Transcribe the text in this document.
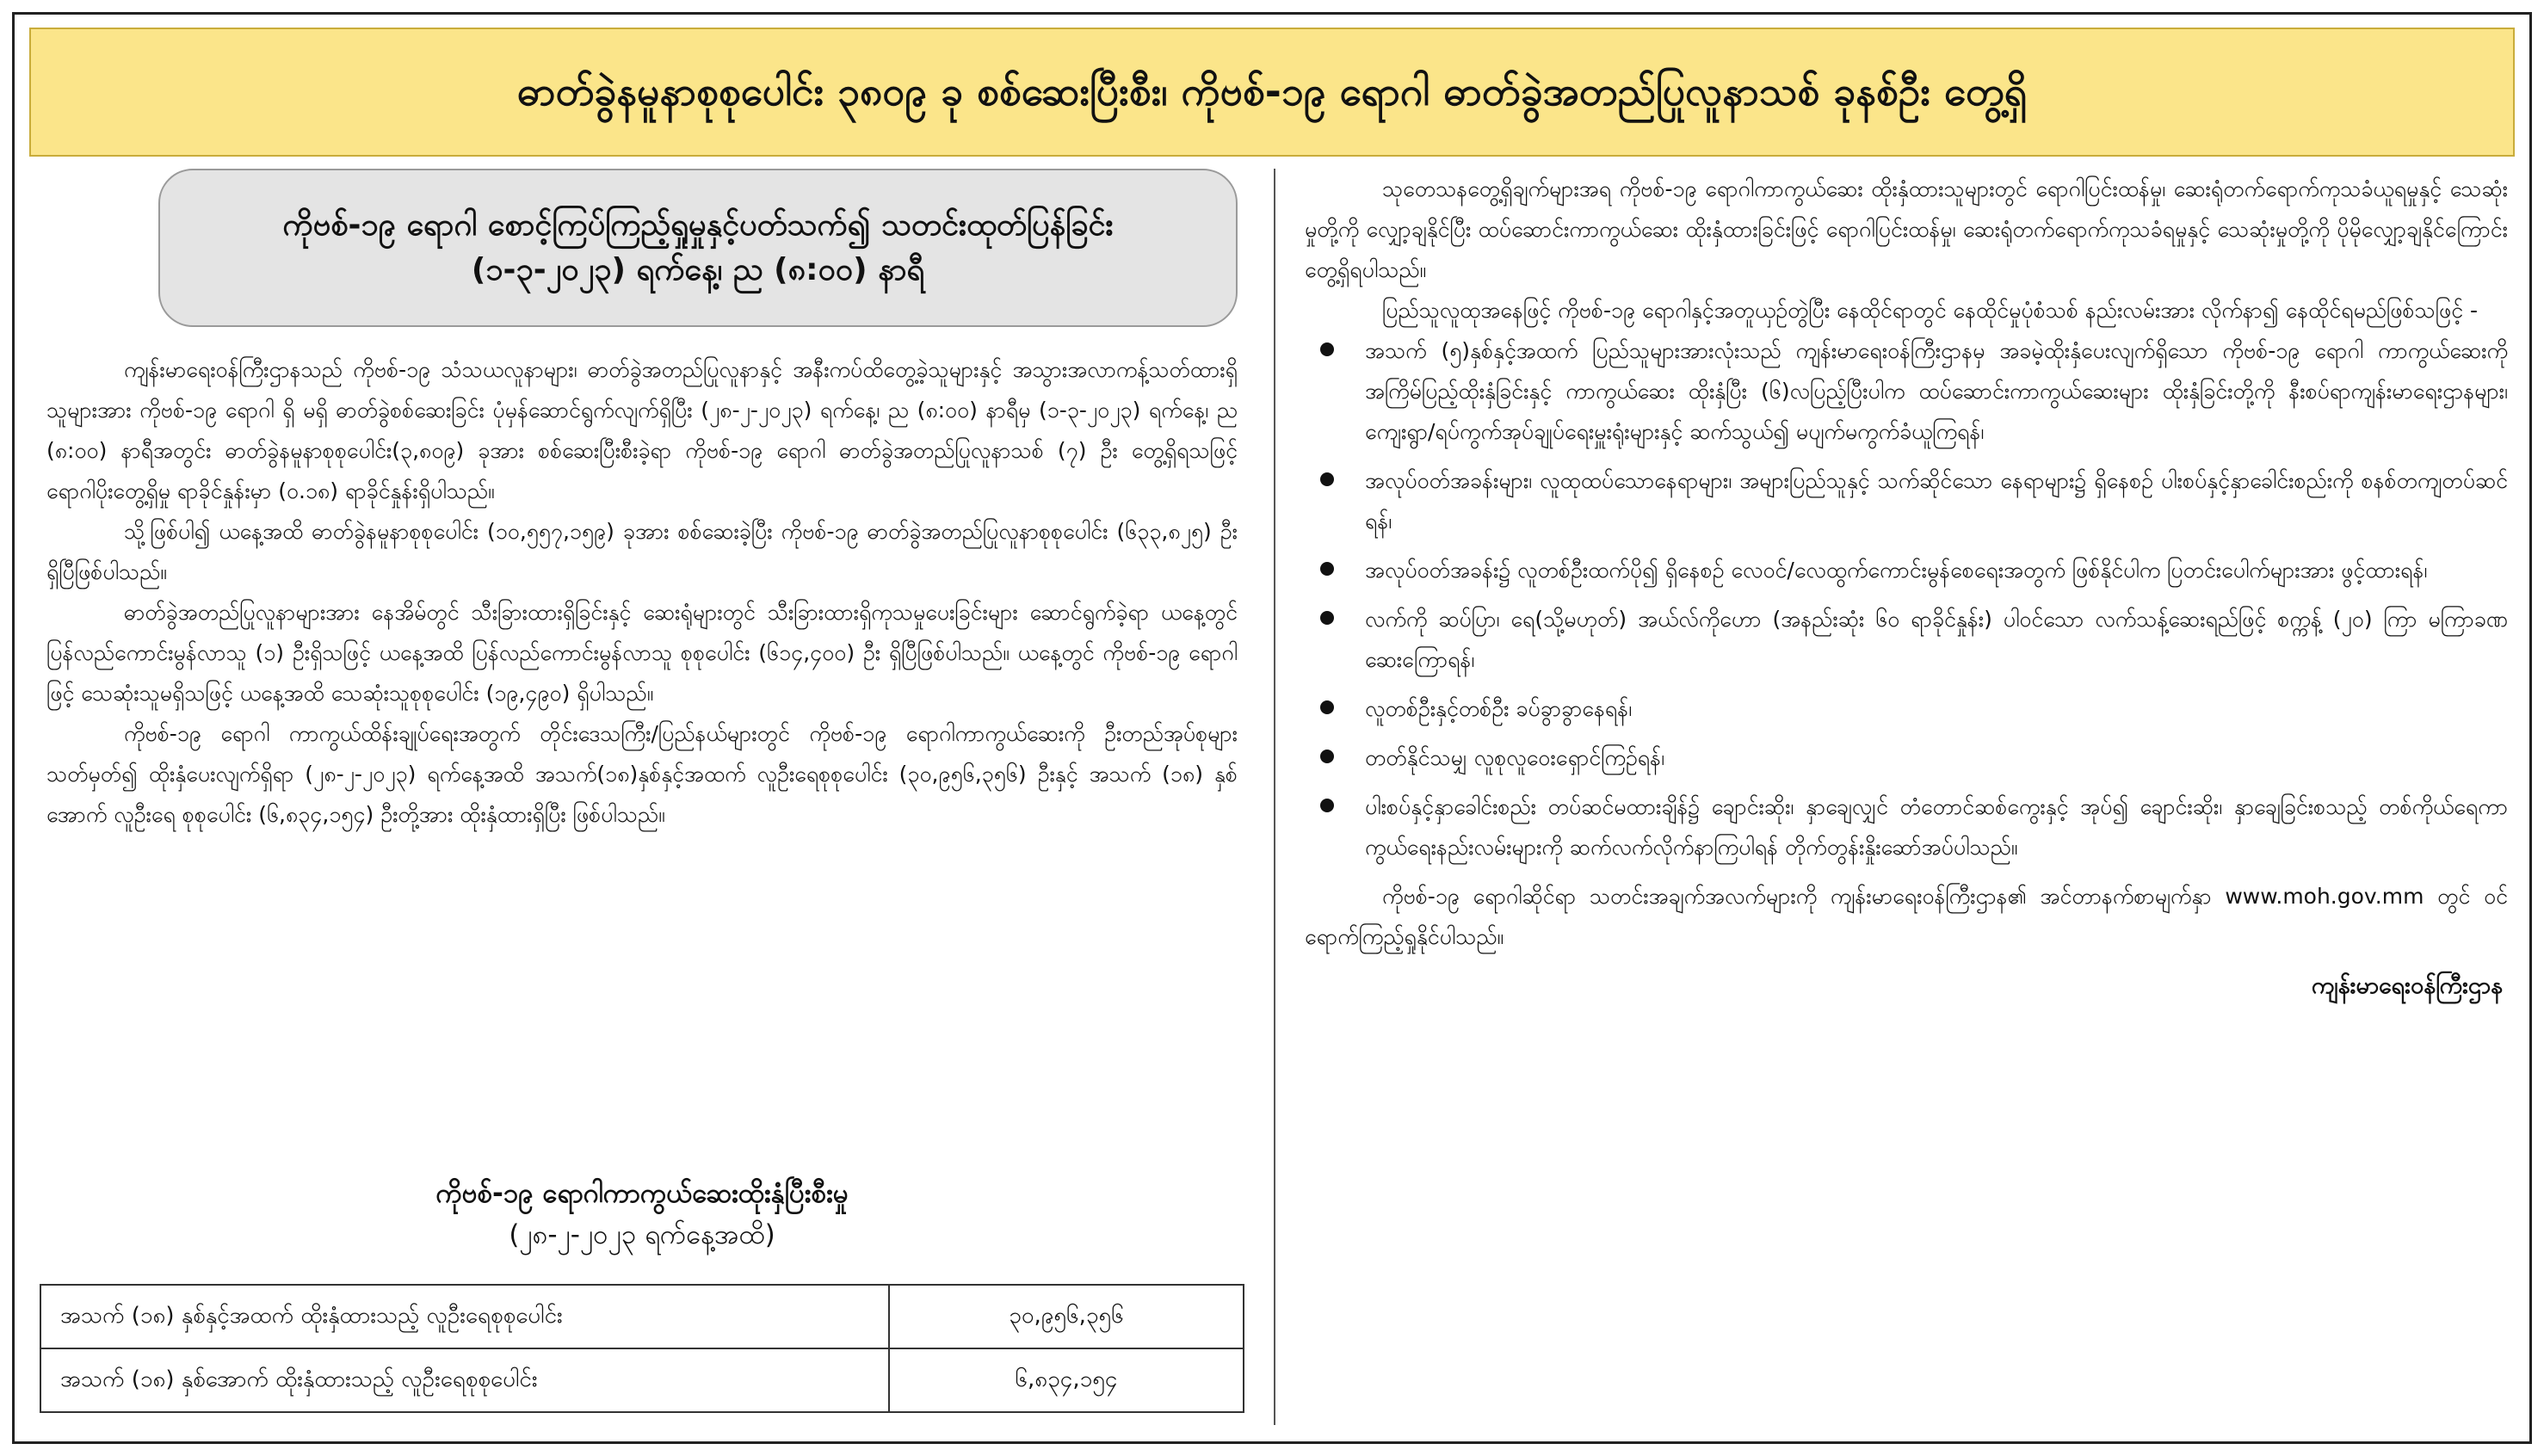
ဓာတ်ခွဲနမူနာစုစုပေါင်း ၃၈၀၉ ခု စစ်ဆေးပြီးစီး၊ ကိုဗစ်-၁၉ ရောဂါ ဓာတ်ခွဲအတည်ပြုလူနာသစ် ခုနစ်ဦး တွေ့ရှိ
ကိုဗစ်-၁၉ ရောဂါ စောင့်ကြပ်ကြည့်ရှုမှုနှင့်ပတ်သက်၍ သတင်းထုတ်ပြန်ခြင်း
(၁-၃-၂၀၂၃) ရက်နေ့၊ ည (၈:၀၀) နာရီ

ကျန်းမာရေးဝန်ကြီးဌာနသည် ကိုဗစ်-၁၉ သံသယလူနာများ၊ ဓာတ်ခွဲအတည်ပြုလူနာနှင့် အနီးကပ်ထိတွေ့ခဲ့သူများနှင့် အသွားအလာကန့်သတ်ထားရှိသူများအား ကိုဗစ်-၁၉ ရောဂါ ရှိ မရှိ ဓာတ်ခွဲစစ်ဆေးခြင်း ပုံမှန်ဆောင်ရွက်လျက်ရှိပြီး (၂၈-၂-၂၀၂၃) ရက်နေ့၊ ည (၈:၀၀) နာရီမှ (၁-၃-၂၀၂၃) ရက်နေ့၊ ည (၈:၀၀) နာရီအတွင်း ဓာတ်ခွဲနမူနာစုစုပေါင်း(၃,၈၀၉) ခုအား စစ်ဆေးပြီးစီးခဲ့ရာ ကိုဗစ်-၁၉ ရောဂါ ဓာတ်ခွဲအတည်ပြုလူနာသစ် (၇) ဦး တွေ့ရှိရသဖြင့် ရောဂါပိုးတွေ့ရှိမှု ရာခိုင်နှုန်းမှာ (၀.၁၈) ရာခိုင်နှုန်းရှိပါသည်။

သို့ဖြစ်ပါ၍ ယနေ့အထိ ဓာတ်ခွဲနမူနာစုစုပေါင်း (၁၀,၅၅၇,၁၅၉) ခုအား စစ်ဆေးခဲ့ပြီး ကိုဗစ်-၁၉ ဓာတ်ခွဲအတည်ပြုလူနာစုစုပေါင်း (၆၃၃,၈၂၅) ဦး ရှိပြီဖြစ်ပါသည်။

ဓာတ်ခွဲအတည်ပြုလူနာများအား နေအိမ်တွင် သီးခြားထားရှိခြင်းနှင့် ဆေးရုံများတွင် သီးခြားထားရှိကုသမှုပေးခြင်းများ ဆောင်ရွက်ခဲ့ရာ ယနေ့တွင် ပြန်လည်ကောင်းမွန်လာသူ (၁) ဦးရှိသဖြင့် ယနေ့အထိ ပြန်လည်ကောင်းမွန်လာသူ စုစုပေါင်း (၆၁၄,၄၀၀) ဦး ရှိပြီဖြစ်ပါသည်။ ယနေ့တွင် ကိုဗစ်-၁၉ ရောဂါဖြင့် သေဆုံးသူမရှိသဖြင့် ယနေ့အထိ သေဆုံးသူစုစုပေါင်း (၁၉,၄၉၀) ရှိပါသည်။

ကိုဗစ်-၁၉ ရောဂါ ကာကွယ်ထိန်းချုပ်ရေးအတွက် တိုင်းဒေသကြီး/ပြည်နယ်များတွင် ကိုဗစ်-၁၉ ရောဂါကာကွယ်ဆေးကို ဦးတည်အုပ်စုများသတ်မှတ်၍ ထိုးနှံပေးလျက်ရှိရာ (၂၈-၂-၂၀၂၃) ရက်နေ့အထိ အသက်(၁၈)နှစ်နှင့်အထက် လူဦးရေစုစုပေါင်း (၃၀,၉၅၆,၃၅၆) ဦးနှင့် အသက် (၁၈) နှစ်အောက် လူဦးရေ စုစုပေါင်း (၆,၈၃၄,၁၅၄) ဦးတို့အား ထိုးနှံထားရှိပြီး ဖြစ်ပါသည်။

ကိုဗစ်-၁၉ ရောဂါကာကွယ်ဆေးထိုးနှံပြီးစီးမှု
(၂၈-၂-၂၀၂၃ ရက်နေ့အထိ)
အသက် (၁၈) နှစ်နှင့်အထက် ထိုးနှံထားသည့် လူဦးရေစုစုပေါင်း	၃၀,၉၅၆,၃၅၆
အသက် (၁၈) နှစ်အောက် ထိုးနှံထားသည့် လူဦးရေစုစုပေါင်း	၆,၈၃၄,၁၅၄

သုတေသနတွေ့ရှိချက်များအရ ကိုဗစ်-၁၉ ရောဂါကာကွယ်ဆေး ထိုးနှံထားသူများတွင် ရောဂါပြင်းထန်မှု၊ ဆေးရုံတက်ရောက်ကုသခံယူရမှုနှင့် သေဆုံးမှုတို့ကို လျှော့ချနိုင်ပြီး ထပ်ဆောင်းကာကွယ်ဆေး ထိုးနှံထားခြင်းဖြင့် ရောဂါပြင်းထန်မှု၊ ဆေးရုံတက်ရောက်ကုသခံရမှုနှင့် သေဆုံးမှုတို့ကို ပိုမိုလျှော့ချနိုင်ကြောင်း တွေ့ရှိရပါသည်။

ပြည်သူလူထုအနေဖြင့် ကိုဗစ်-၁၉ ရောဂါနှင့်အတူယှဉ်တွဲပြီး နေထိုင်ရာတွင် နေထိုင်မှုပုံစံသစ် နည်းလမ်းအား လိုက်နာ၍ နေထိုင်ရမည်ဖြစ်သဖြင့် -

အသက် (၅)နှစ်နှင့်အထက် ပြည်သူများအားလုံးသည် ကျန်းမာရေးဝန်ကြီးဌာနမှ အခမဲ့ထိုးနှံပေးလျက်ရှိသော ကိုဗစ်-၁၉ ရောဂါ ကာကွယ်ဆေးကို အကြိမ်ပြည့်ထိုးနှံခြင်းနှင့် ကာကွယ်ဆေး ထိုးနှံပြီး (၆)လပြည့်ပြီးပါက ထပ်ဆောင်းကာကွယ်ဆေးများ ထိုးနှံခြင်းတို့ကို နီးစပ်ရာကျန်းမာရေးဌာနများ၊ ကျေးရွာ/ရပ်ကွက်အုပ်ချုပ်ရေးမှူးရုံးများနှင့် ဆက်သွယ်၍ မပျက်မကွက်ခံယူကြရန်၊
အလုပ်ဝတ်အခန်းများ၊ လူထုထပ်သောနေရာများ၊ အများပြည်သူနှင့် သက်ဆိုင်သော နေရာများ၌ ရှိနေစဉ် ပါးစပ်နှင့်နှာခေါင်းစည်းကို စနစ်တကျတပ်ဆင်ရန်၊
အလုပ်ဝတ်အခန်း၌ လူတစ်ဦးထက်ပို၍ ရှိနေစဉ် လေဝင်/လေထွက်ကောင်းမွန်စေရေးအတွက် ဖြစ်နိုင်ပါက ပြတင်းပေါက်များအား ဖွင့်ထားရန်၊
လက်ကို ဆပ်ပြာ၊ ရေ(သို့မဟုတ်) အယ်လ်ကိုဟော (အနည်းဆုံး ၆၀ ရာခိုင်နှုန်း) ပါဝင်သော လက်သန့်ဆေးရည်ဖြင့် စက္ကန့် (၂၀) ကြာ မကြာခဏဆေးကြောရန်၊
လူတစ်ဦးနှင့်တစ်ဦး ခပ်ခွာခွာနေရန်၊
တတ်နိုင်သမျှ လူစုလူဝေးရှောင်ကြဉ်ရန်၊
ပါးစပ်နှင့်နှာခေါင်းစည်း တပ်ဆင်မထားချိန်၌ ချောင်းဆိုး၊ နှာချေလျှင် တံတောင်ဆစ်ကွေးနှင့် အုပ်၍ ချောင်းဆိုး၊ နှာချေခြင်းစသည့် တစ်ကိုယ်ရေကာကွယ်ရေးနည်းလမ်းများကို ဆက်လက်လိုက်နာကြပါရန် တိုက်တွန်းနှိုးဆော်အပ်ပါသည်။

ကိုဗစ်-၁၉ ရောဂါဆိုင်ရာ သတင်းအချက်အလက်များကို ကျန်းမာရေးဝန်ကြီးဌာန၏ အင်တာနက်စာမျက်နှာ www.moh.gov.mm တွင် ဝင်ရောက်ကြည့်ရှုနိုင်ပါသည်။

ကျန်းမာရေးဝန်ကြီးဌာန
